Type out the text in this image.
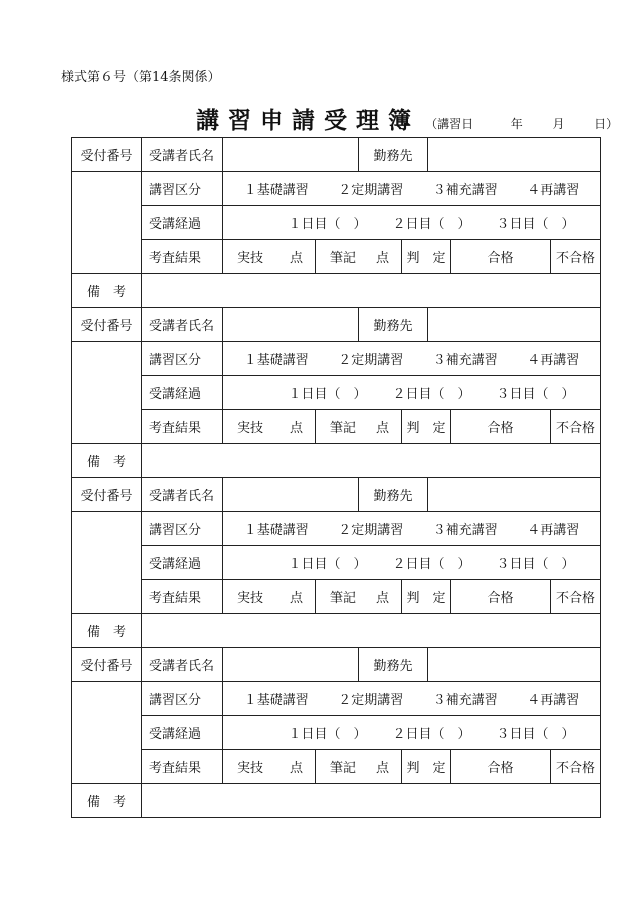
様式第６号（第14条関係）
講習申請受理簿 （講習日	年 月 日）
受付番号	受講者氏名			勤務先				
	講習区分	１基礎講習 ２定期講習 ３補充講習 ４再講習						

	受講経過	１日目（　） ２日目（　） ３日目（　）						

	考査結果	実技 点	筆記 点		判　定		合格	不合格
備　考								
受付番号	受講者氏名			勤務先				
	講習区分	１基礎講習 ２定期講習 ３補充講習 ４再講習						

	受講経過	１日目（　） ２日目（　） ３日目（　）						

	考査結果	実技 点	筆記 点		判　定		合格	不合格
備　考								
受付番号	受講者氏名			勤務先				
	講習区分	１基礎講習 ２定期講習 ３補充講習 ４再講習						

	受講経過	１日目（　） ２日目（　） ３日目（　）						

	考査結果	実技 点	筆記 点		判　定		合格	不合格
備　考								
受付番号	受講者氏名			勤務先				
	講習区分	１基礎講習 ２定期講習 ３補充講習 ４再講習						

	受講経過	１日目（　） ２日目（　） ３日目（　）						

	考査結果	実技 点	筆記 点		判　定		合格	不合格
備　考								
